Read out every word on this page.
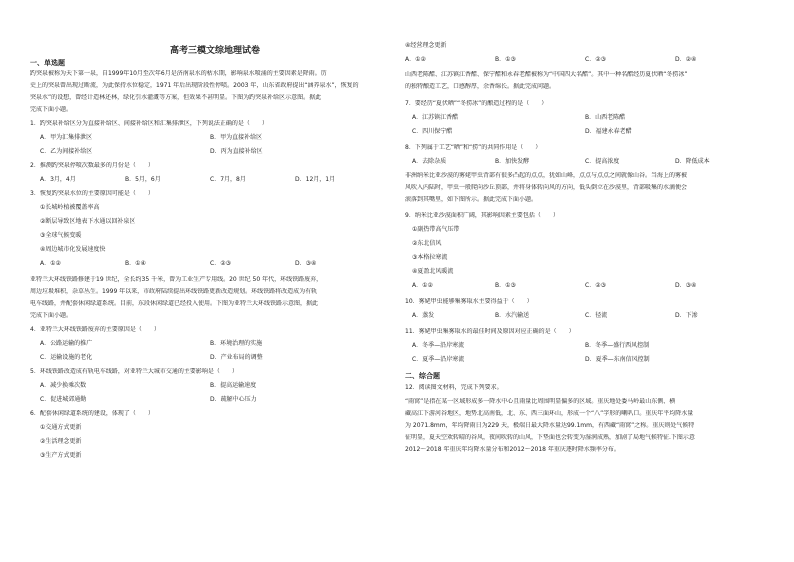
高考三模文综地理试卷
一、单选题
趵突泉被称为天下第一泉，自1999年10月至次年6月是济南泉水的枯水期，影响泉水喷涌的主要因素是降雨。历
史上的突泉曾出现过断流，为此保持水位稳定，1971 年后出现阶段性停喷。2003 年，山东省政府提出“涵养泉水”，恢复的
突泉水”的设想，曾经计造林还林，绿化引水灌溉等方案，但效果不甚明显。下图为趵突泉补给区示意图。据此
完成下面小题。
1．趵突泉补给区分为直接补给区、间接补给区和汇集排泄区，下列说法正确的是（　　）
A．甲为汇集排泄区	B．甲为直接补给区
C．乙为间接补给区	D．丙为直接补给区
2．推测趵突泉停喷次数最多的月份是（　　）
A．3月，4月	B．5月，6月	C．7月，8月	D．12月，1月
3．恢复趵突泉水位的主要原因可能是（　　）
①长城岭植被覆盖率高
②断层导致区地表下水通以回补泉区
③全球气候变暖
④周边城市化发展速度快
A．①②	B．①④	C．②③	D．③④
亚特兰大环线铁路修建于19 世纪，全长约35 千米，曾为工业生产专用线。20 世纪 50 年代，环线铁路废弃，
周边垃圾堆积，杂草丛生。1999 年以来，市政府陆续提出环线铁路更新改造规划。环线铁路将改造成为有轨
电车线路，并配套休闲绿道系统。目前，东段休闲绿道已经投入使用。下图为亚特兰大环线铁路示意图，据此
完成下面小题。
4．亚特兰大环线铁路废弃的主要原因是（　　）
A．公路运输的推广	B．环境治理的实施
C．运输设施的老化	D．产业布局的调整
5．环线铁路改造成有轨电车线路，对亚特兰大城市交通的主要影响是（　　）
A．减少换乘次数	B．提高运输速度
C．促进城郊通勤	D．疏解中心压力
6．配套休闲绿道系统的建设，体现了（　　）
①交通方式更新
②生活理念更新
③生产方式更新
④经营理念更新
A．①②	B．①③	C．②③	D．②④
山西老陈醋、江苏镇江香醋、保宁醋和永春老醋被称为“中国四大名醋”。其中一种名醋经历夏伏晒“冬捞冰”
的独特酿造工艺，口感醇厚，余香绵长。据此完成问题。
7．要经历“夏伏晒”“冬捞冰”的酿造过程的是（　　）
A．江苏镇江香醋	B．山西老陈醋
C．四川保宁醋	D．福建永春老醋
8．下列属于工艺“晒”和“捞”的共同作用是（　　）
A．去除杂质	B．加快发酵	C．提高浓度	D．降低成本
非洲纳米比亚沙漠的雾姥甲虫背部有很多凸起的点点，犹如山峰，点点与点点之间就像山谷。当海上的雾被
风吹入内陆时，甲虫一般爬向沙丘顶部，并将身体转向风的方向，低头倒立在沙漠里，背部吸集的水滴便会
滚落到其嘴里，如下图所示。据此完成下面小题。
9．纳米比亚沙漠面积广阔，其影响因素主要包括（　　）
①副热带高气压带
②东北信风
③本格拉寒流
④夏盈北风暖流
A．①②	B．①③	C．②③	D．③④
10．雾姥甲虫能够集雾取水主要得益于（　　）
A．蒸发	B．水汽输送	C．径流	D．下渗
11．雾姥甲虫集雾取水的最佳时间及原因对应正确的是（　　）
A．冬季—沿岸寒流	B．冬季—盛行西风控制
C．夏季—沿岸寒流	D．夏季—东南信风控制
二、综合题
12．阅读图文材料，完成下列要求。
“雨窝”是指在某一区域形成多一降水中心且雨量比周围明显偏多的区域。重庆地处委马岭最山东侧、横
藏高江下游河谷地区，地势北高南低，北、东、西三面环山，形成一个“八”字形的喇叭口。重庆年平均降水量
为 2071.8mm，年均降雨日为229 天，极端日最大降水量达99.1mm，有西藏“雨窝”之称。重庆则处气候特
征明显，夏天空欢转晴的谷风，夜间吹转的山风，下垫面也会转变为湿润成熟，加剧了局地气候特征.下图示意
2012～2018 年重庆年均降水量分布和2012～2018 年重庆逐时降水频率分布。
